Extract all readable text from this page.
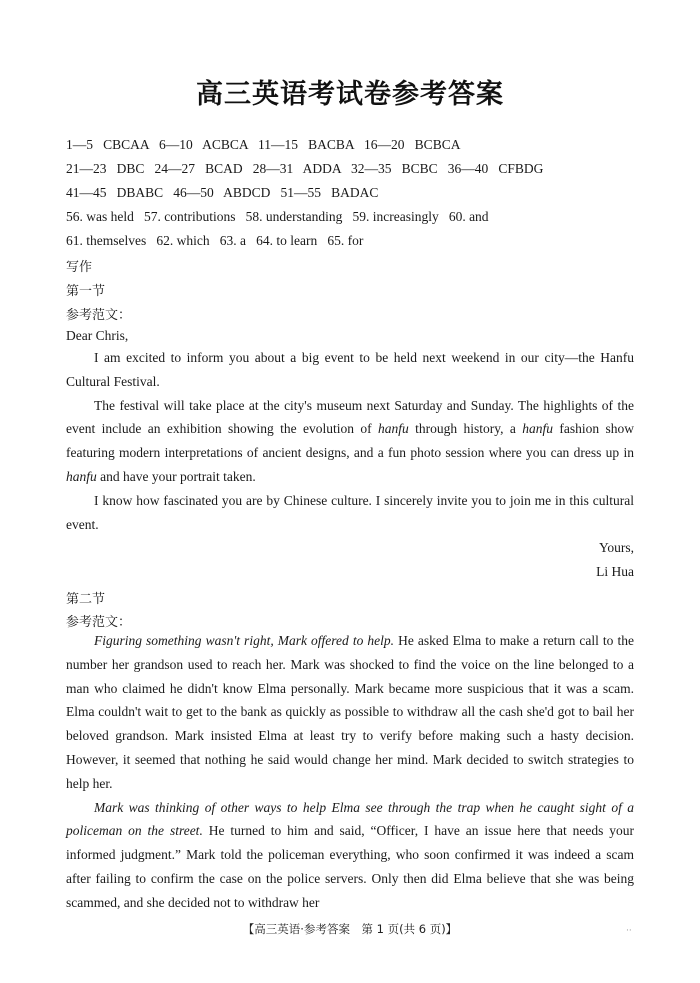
高三英语考试卷参考答案
1—5   CBCAA   6—10   ACBCA   11—15   BACBA   16—20   BCBCA
21—23   DBC   24—27   BCAD   28—31   ADDA   32—35   BCBC   36—40   CFBDG
41—45   DBABC   46—50   ABDCD   51—55   BADAC
56. was held   57. contributions   58. understanding   59. increasingly   60. and
61. themselves   62. which   63. a   64. to learn   65. for
写作
第一节
参考范文：
Dear Chris,

I am excited to inform you about a big event to be held next weekend in our city—the Hanfu Cultural Festival.

The festival will take place at the city's museum next Saturday and Sunday. The highlights of the event include an exhibition showing the evolution of hanfu through history, a hanfu fashion show featuring modern interpretations of ancient designs, and a fun photo session where you can dress up in hanfu and have your portrait taken.

I know how fascinated you are by Chinese culture. I sincerely invite you to join me in this cultural event.

Yours,
Li Hua
第二节
参考范文：

Figuring something wasn't right, Mark offered to help. He asked Elma to make a return call to the number her grandson used to reach her. Mark was shocked to find the voice on the line belonged to a man who claimed he didn't know Elma personally. Mark became more suspicious that it was a scam. Elma couldn't wait to get to the bank as quickly as possible to withdraw all the cash she'd got to bail her beloved grandson. Mark insisted Elma at least try to verify before making such a hasty decision. However, it seemed that nothing he said would change her mind. Mark decided to switch strategies to help her.

Mark was thinking of other ways to help Elma see through the trap when he caught sight of a policeman on the street. He turned to him and said, “Officer, I have an issue here that needs your informed judgment.” Mark told the policeman everything, who soon confirmed it was indeed a scam after failing to confirm the case on the police servers. Only then did Elma believe that she was being scammed, and she decided not to withdraw her

【高三英语·参考答案　第 1 页(共 6 页)】	··
